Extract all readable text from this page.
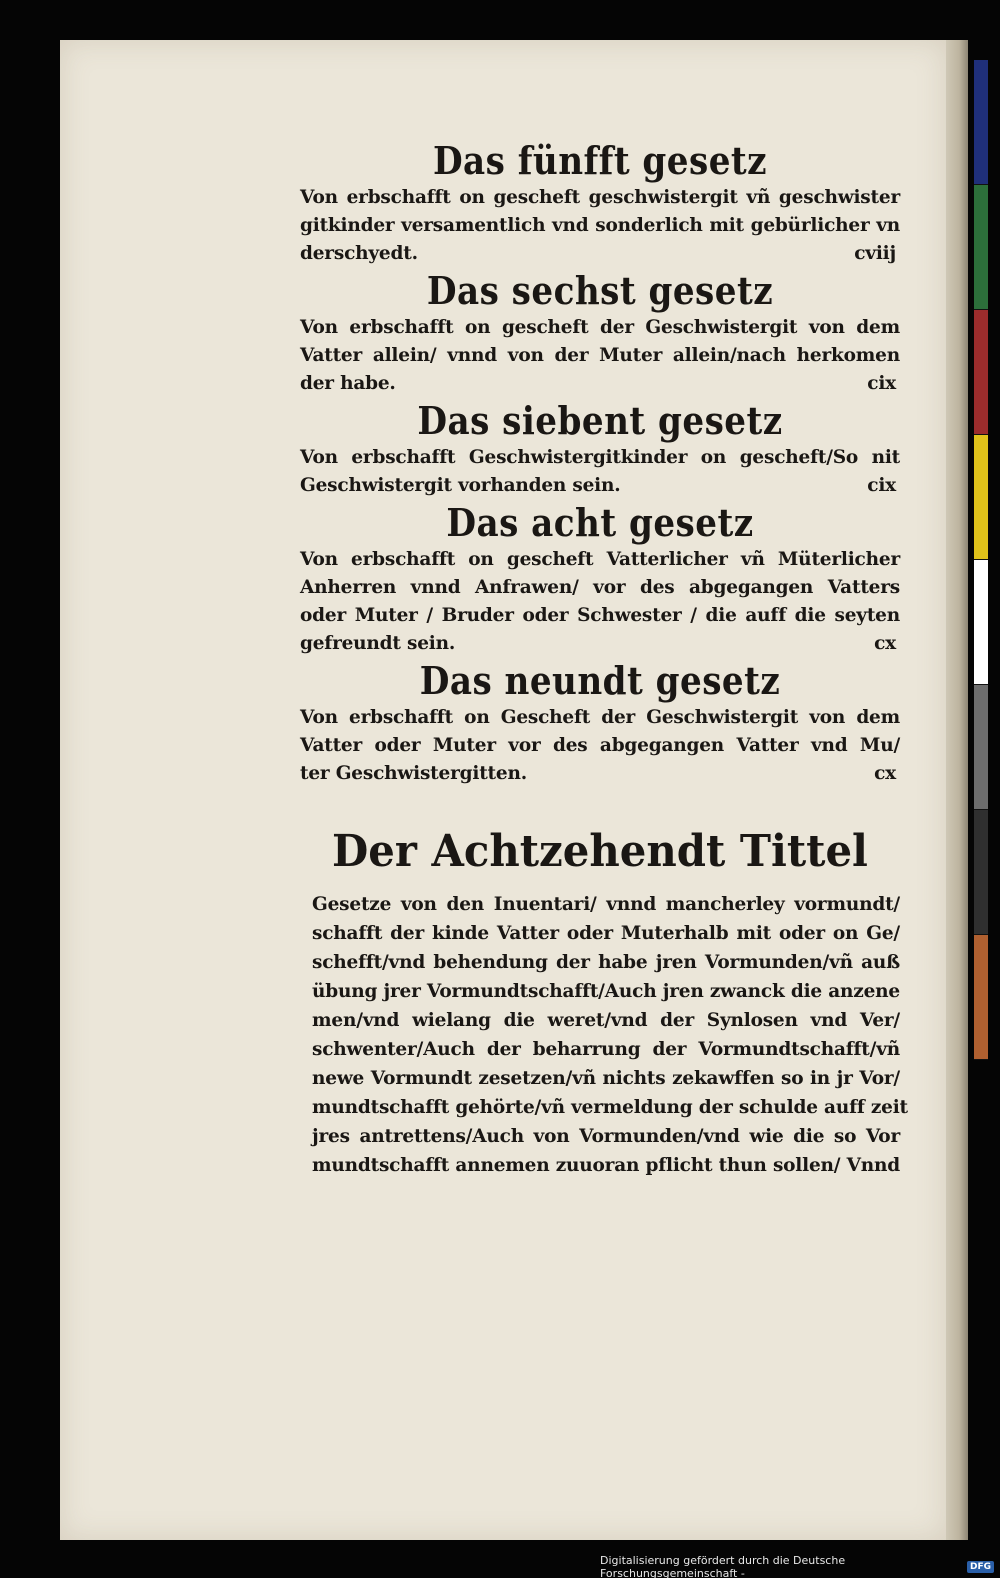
Das fünfft gesetz

Von erbschafft on gescheft geschwistergit vñ geschwister

gitkinder versamentlich vnd sonderlich mit gebürlicher vn

derschyedt.	cviij

Das sechst gesetz

Von erbschafft on gescheft der Geschwistergit von dem

Vatter allein/ vnnd von der Muter allein/nach herkomen

der habe.	cix

Das siebent gesetz

Von erbschafft Geschwistergitkinder on gescheft/So nit

Geschwistergit vorhanden sein.	cix

Das acht gesetz

Von erbschafft on gescheft Vatterlicher vñ Müterlicher

Anherren vnnd Anfrawen/ vor des abgegangen Vatters

oder Muter / Bruder oder Schwester / die auff die seyten

gefreundt sein.	cx

Das neundt gesetz

Von erbschafft on Gescheft der Geschwistergit von dem

Vatter oder Muter vor des abgegangen Vatter vnd Mu/

ter Geschwistergitten.	cx

Der Achtzehendt Tittel

Gesetze von den Inuentari/ vnnd mancherley vormundt/

schafft der kinde Vatter oder Muterhalb mit oder on Ge/

schefft/vnd behendung der habe jren Vormunden/vñ auß

übung jrer Vormundtschafft/Auch jren zwanck die anzene

men/vnd wielang die weret/vnd der Synlosen vnd Ver/

schwenter/Auch der beharrung der Vormundtschafft/vñ

newe Vormundt zesetzen/vñ nichts zekawffen so in jr Vor/

mundtschafft gehörte/vñ vermeldung der schulde auff zeit

jres antrettens/Auch von Vormunden/vnd wie die so Vor

mundtschafft annemen zuuoran pflicht thun sollen/ Vnnd

Digitalisierung gefördert durch die Deutsche Forschungsgemeinschaft -	DFG
